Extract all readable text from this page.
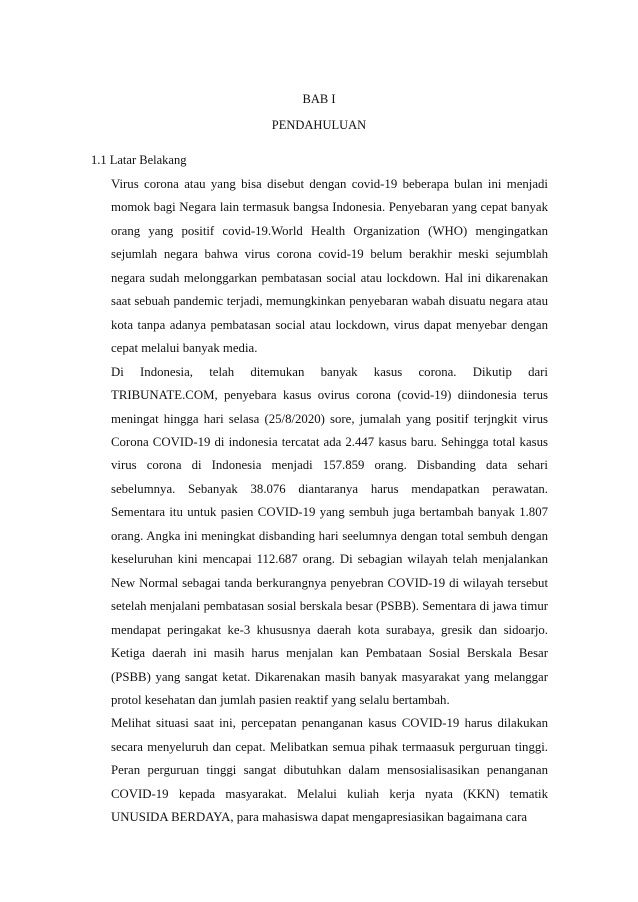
BAB I
PENDAHULUAN
1.1 Latar Belakang

Virus corona atau yang bisa disebut dengan covid-19 beberapa bulan ini menjadi momok bagi Negara lain termasuk bangsa Indonesia. Penyebaran yang cepat banyak orang yang positif covid-19.World Health Organization (WHO) mengingatkan sejumlah negara bahwa virus corona covid-19 belum berakhir meski sejumblah negara sudah melonggarkan pembatasan social atau lockdown. Hal ini dikarenakan saat sebuah pandemic terjadi, memungkinkan penyebaran wabah disuatu negara atau kota tanpa adanya pembatasan social atau lockdown, virus dapat menyebar dengan cepat melalui banyak media.

Di Indonesia, telah ditemukan banyak kasus corona. Dikutip dari TRIBUNATE.COM, penyebara kasus ovirus corona (covid-19) diindonesia terus meningat hingga hari selasa (25/8/2020) sore, jumalah yang positif terjngkit virus Corona COVID-19 di indonesia tercatat ada 2.447 kasus baru. Sehingga total kasus virus corona di Indonesia menjadi 157.859 orang. Disbanding data sehari sebelumnya. Sebanyak 38.076 diantaranya harus mendapatkan perawatan. Sementara itu untuk pasien COVID-19 yang sembuh juga bertambah banyak 1.807 orang. Angka ini meningkat disbanding hari seelumnya dengan total sembuh dengan keseluruhan kini mencapai 112.687 orang. Di sebagian wilayah telah menjalankan New Normal sebagai tanda berkurangnya penyebran COVID-19 di wilayah tersebut setelah menjalani pembatasan sosial berskala besar (PSBB). Sementara di jawa timur mendapat peringakat ke-3 khususnya daerah kota surabaya, gresik dan sidoarjo. Ketiga daerah ini masih harus menjalan kan Pembataan Sosial Berskala Besar (PSBB) yang sangat ketat. Dikarenakan masih banyak masyarakat yang melanggar protol kesehatan dan jumlah pasien reaktif yang selalu bertambah.

Melihat situasi saat ini, percepatan penanganan kasus COVID-19 harus dilakukan secara menyeluruh dan cepat. Melibatkan semua pihak termaasuk perguruan tinggi. Peran perguruan tinggi sangat dibutuhkan dalam mensosialisasikan penanganan COVID-19 kepada masyarakat. Melalui kuliah kerja nyata (KKN) tematik UNUSIDA BERDAYA, para mahasiswa dapat mengapresiasikan bagaimana cara
